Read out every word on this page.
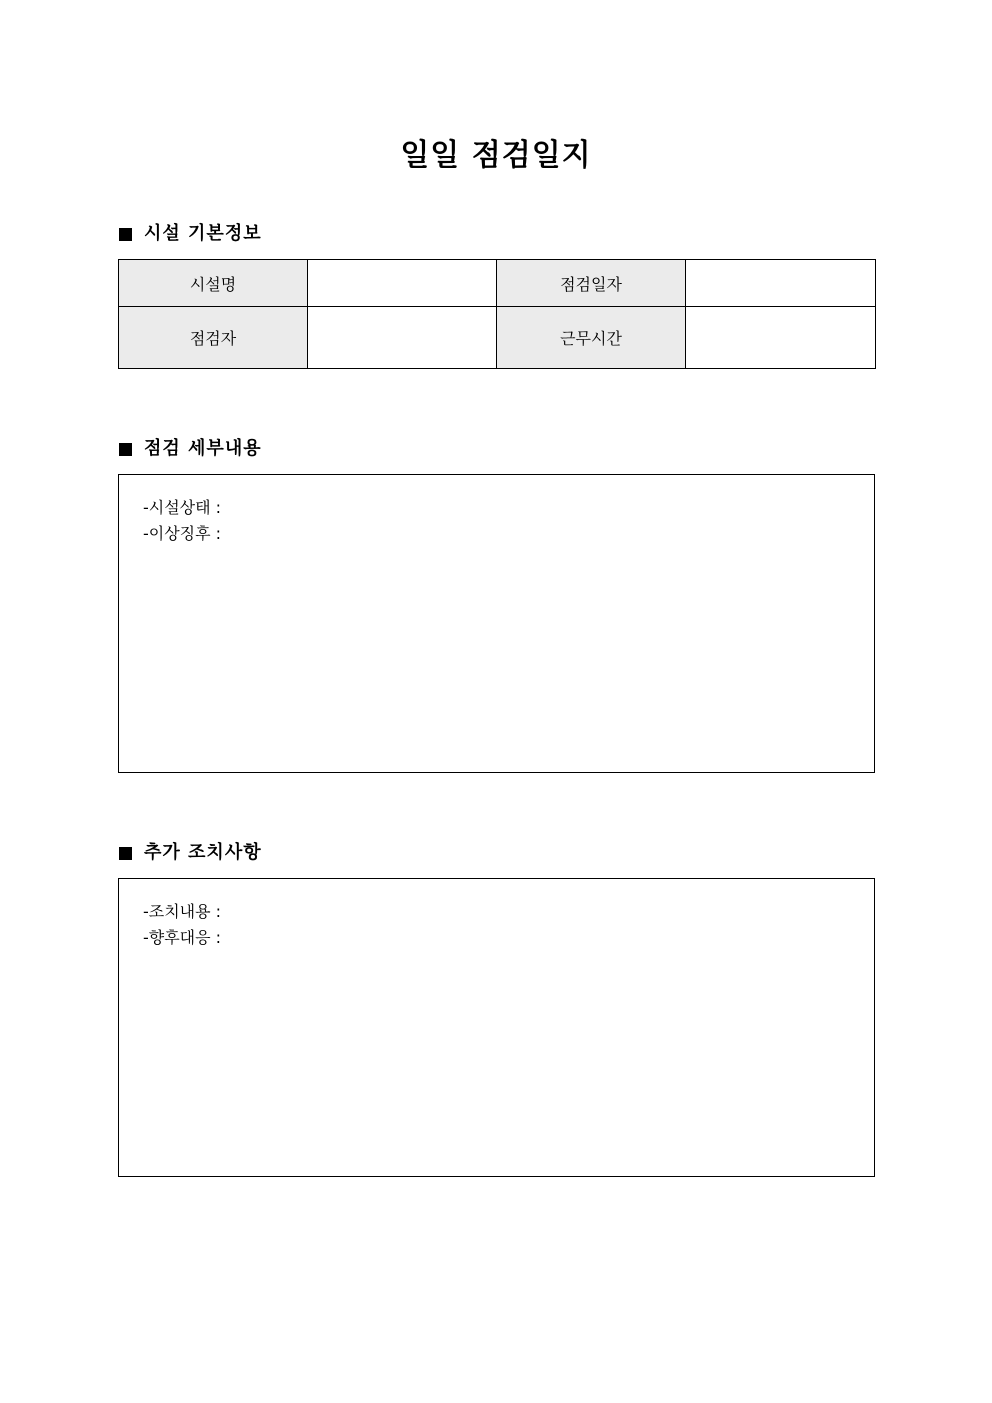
일일 점검일지
시설 기본정보
시설명		점검일자	
점검자		근무시간	
점검 세부내용
-시설상태 :
-이상징후 :
추가 조치사항
-조치내용 :
-향후대응 :
